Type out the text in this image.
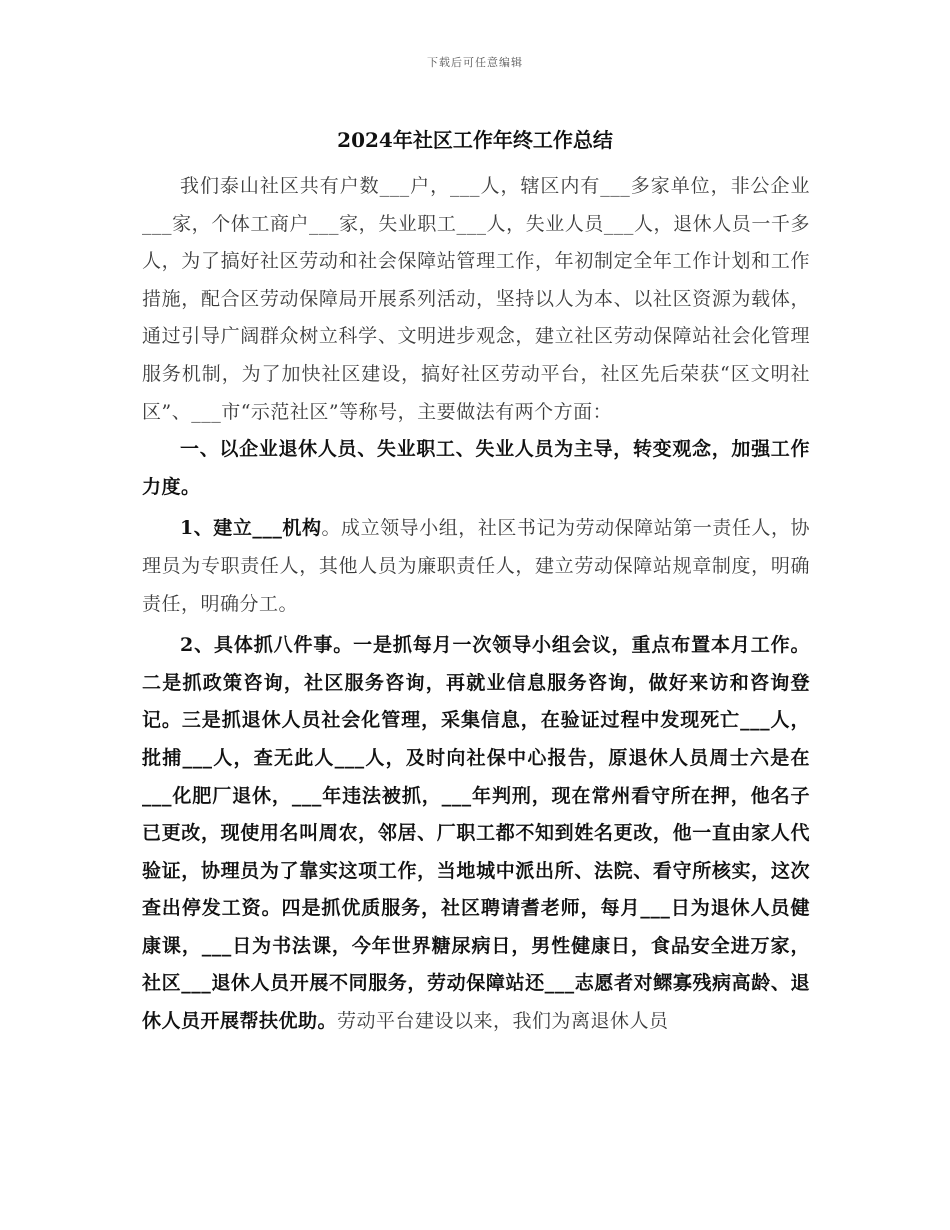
下载后可任意编辑
2024年社区工作年终工作总结

我们泰山社区共有户数___户，___人，辖区内有___多家单位，非公企业___家，个体工商户___家，失业职工___人，失业人员___人，退休人员一千多人，为了搞好社区劳动和社会保障站管理工作，年初制定全年工作计划和工作措施，配合区劳动保障局开展系列活动，坚持以人为本、以社区资源为载体，通过引导广阔群众树立科学、文明进步观念，建立社区劳动保障站社会化管理服务机制，为了加快社区建设，搞好社区劳动平台，社区先后荣获“区文明社区”、___市“示范社区”等称号，主要做法有两个方面：

一、以企业退休人员、失业职工、失业人员为主导，转变观念，加强工作力度。

1、建立___机构。成立领导小组，社区书记为劳动保障站第一责任人，协理员为专职责任人，其他人员为廉职责任人，建立劳动保障站规章制度，明确责任，明确分工。

2、具体抓八件事。一是抓每月一次领导小组会议，重点布置本月工作。二是抓政策咨询，社区服务咨询，再就业信息服务咨询，做好来访和咨询登记。三是抓退休人员社会化管理，采集信息，在验证过程中发现死亡___人，批捕___人，查无此人___人，及时向社保中心报告，原退休人员周士六是在___化肥厂退休，___年违法被抓，___年判刑，现在常州看守所在押，他名子已更改，现使用名叫周农，邻居、厂职工都不知到姓名更改，他一直由家人代验证，协理员为了靠实这项工作，当地城中派出所、法院、看守所核实，这次查出停发工资。四是抓优质服务，社区聘请耆老师，每月___日为退休人员健康课，___日为书法课，今年世界糖尿病日，男性健康日，食品安全进万家，社区___退休人员开展不同服务，劳动保障站还___志愿者对鳏寡残病高龄、退休人员开展帮扶优助。劳动平台建设以来，我们为离退休人员
